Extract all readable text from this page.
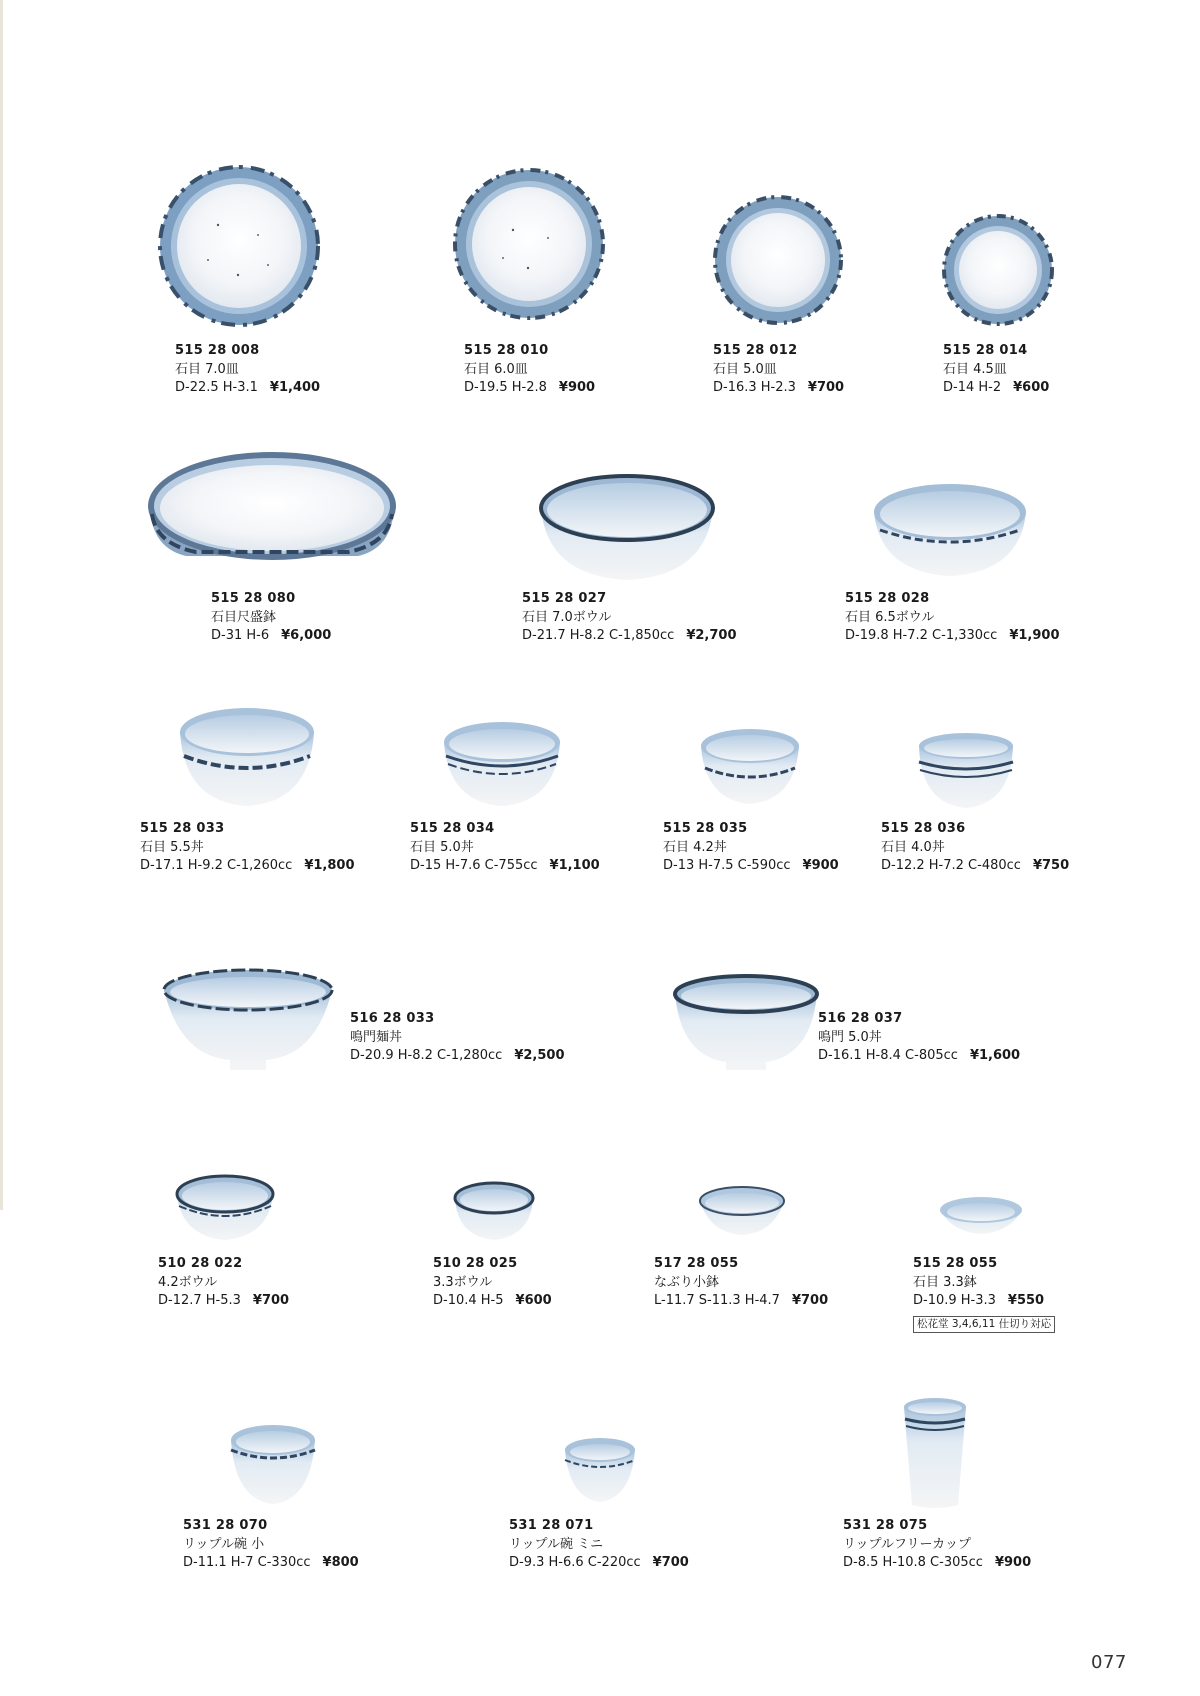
515 28 008
石目 7.0皿
D-22.5 H-3.1 ¥1,400
515 28 010
石目 6.0皿
D-19.5 H-2.8 ¥900
515 28 012
石目 5.0皿
D-16.3 H-2.3 ¥700
515 28 014
石目 4.5皿
D-14 H-2 ¥600
515 28 080
石目尺盛鉢
D-31 H-6 ¥6,000
515 28 027
石目 7.0ボウル
D-21.7 H-8.2 C-1,850cc ¥2,700
515 28 028
石目 6.5ボウル
D-19.8 H-7.2 C-1,330cc ¥1,900
515 28 033
石目 5.5丼
D-17.1 H-9.2 C-1,260cc ¥1,800
515 28 034
石目 5.0丼
D-15 H-7.6 C-755cc ¥1,100
515 28 035
石目 4.2丼
D-13 H-7.5 C-590cc ¥900
515 28 036
石目 4.0丼
D-12.2 H-7.2 C-480cc ¥750
516 28 033
鳴門麺丼
D-20.9 H-8.2 C-1,280cc ¥2,500
516 28 037
鳴門 5.0丼
D-16.1 H-8.4 C-805cc ¥1,600
510 28 022
4.2ボウル
D-12.7 H-5.3 ¥700
510 28 025
3.3ボウル
D-10.4 H-5 ¥600
517 28 055
なぶり小鉢
L-11.7 S-11.3 H-4.7 ¥700
515 28 055
石目 3.3鉢
D-10.9 H-3.3 ¥550
松花堂 3,4,6,11 仕切り対応
531 28 070
リップル碗 小
D-11.1 H-7 C-330cc ¥800
531 28 071
リップル碗 ミニ
D-9.3 H-6.6 C-220cc ¥700
531 28 075
リップルフリーカップ
D-8.5 H-10.8 C-305cc ¥900
077
